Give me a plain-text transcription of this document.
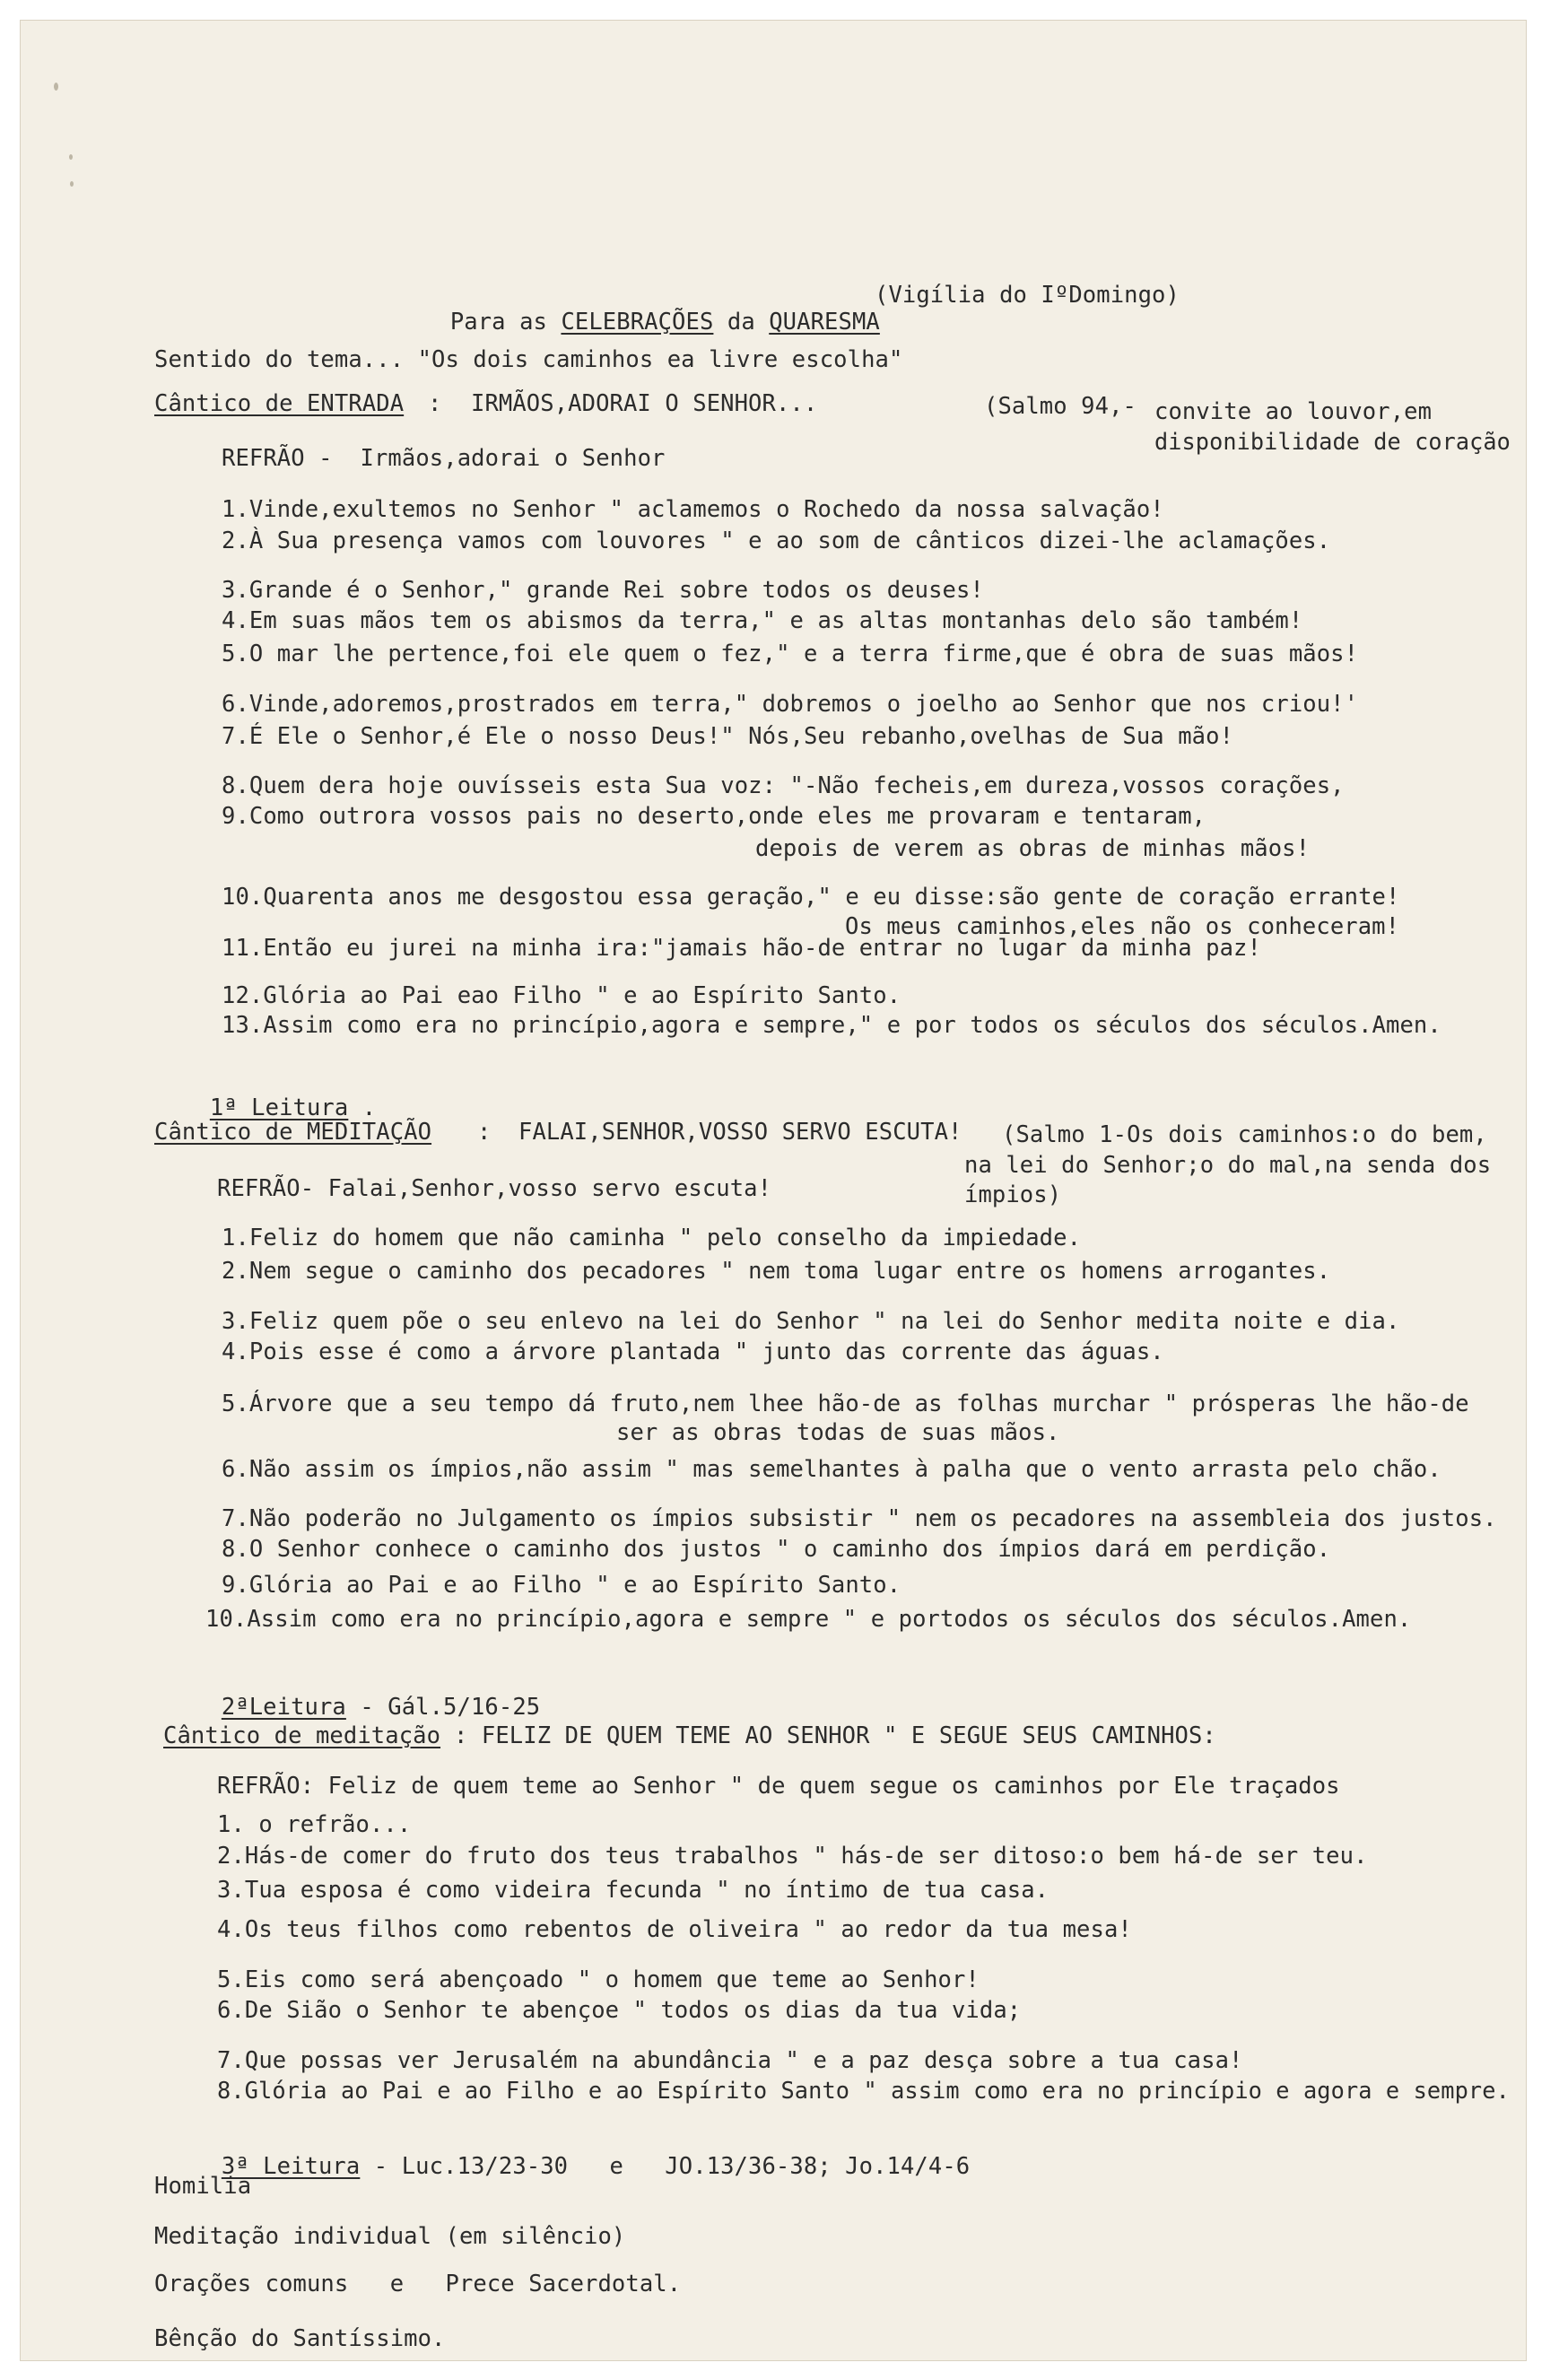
Para as CELEBRAÇÕES da QUARESMA

(Vigília do IºDomingo)
Sentido do tema... "Os dois caminhos ea livre escolha"
Cântico de ENTRADA : IRMÃOS,ADORAI O SENHOR...	(Salmo 94,- convite ao louvor,em
disponibilidade de coração
REFRÃO -  Irmãos,adorai o Senhor
1.Vinde,exultemos no Senhor " aclamemos o Rochedo da nossa salvação!
2.À Sua presença vamos com louvores " e ao som de cânticos dizei-lhe aclamações.
3.Grande é o Senhor," grande Rei sobre todos os deuses!
4.Em suas mãos tem os abismos da terra," e as altas montanhas delo são também!
5.O mar lhe pertence,foi ele quem o fez," e a terra firme,que é obra de suas mãos!
6.Vinde,adoremos,prostrados em terra," dobremos o joelho ao Senhor que nos criou!'
7.É Ele o Senhor,é Ele o nosso Deus!" Nós,Seu rebanho,ovelhas de Sua mão!
8.Quem dera hoje ouvísseis esta Sua voz: "-Não fecheis,em dureza,vossos corações,
9.Como outrora vossos pais no deserto,onde eles me provaram e tentaram,
depois de verem as obras de minhas mãos!
10.Quarenta anos me desgostou essa geração," e eu disse:são gente de coração errante!
Os meus caminhos,eles não os conheceram!
11.Então eu jurei na minha ira:"jamais hão-de entrar no lugar da minha paz!
12.Glória ao Pai eao Filho " e ao Espírito Santo.
13.Assim como era no princípio,agora e sempre," e por todos os séculos dos séculos.Amen.

1ª Leitura .

Cântico de MEDITAÇÃO : FALAI,SENHOR,VOSSO SERVO ESCUTA! (Salmo 1-Os dois caminhos:o do bem,
na lei do Senhor;o do mal,na senda dos
ímpios)
REFRÃO- Falai,Senhor,vosso servo escuta!
1.Feliz do homem que não caminha " pelo conselho da impiedade.
2.Nem segue o caminho dos pecadores " nem toma lugar entre os homens arrogantes.
3.Feliz quem põe o seu enlevo na lei do Senhor " na lei do Senhor medita noite e dia.
4.Pois esse é como a árvore plantada " junto das corrente das águas.
5.Árvore que a seu tempo dá fruto,nem lhee hão-de as folhas murchar " prósperas lhe hão-de
ser as obras todas de suas mãos.
6.Não assim os ímpios,não assim " mas semelhantes à palha que o vento arrasta pelo chão.
7.Não poderão no Julgamento os ímpios subsistir " nem os pecadores na assembleia dos justos.
8.O Senhor conhece o caminho dos justos " o caminho dos ímpios dará em perdição.
9.Glória ao Pai e ao Filho " e ao Espírito Santo.
10.Assim como era no princípio,agora e sempre " e portodos os séculos dos séculos.Amen.

2ªLeitura - Gál.5/16-25

Cântico de meditação : FELIZ DE QUEM TEME AO SENHOR " E SEGUE SEUS CAMINHOS:
REFRÃO: Feliz de quem teme ao Senhor " de quem segue os caminhos por Ele traçados
1. o refrão...
2.Hás-de comer do fruto dos teus trabalhos " hás-de ser ditoso:o bem há-de ser teu.
3.Tua esposa é como videira fecunda " no íntimo de tua casa.
4.Os teus filhos como rebentos de oliveira " ao redor da tua mesa!
5.Eis como será abençoado " o homem que teme ao Senhor!
6.De Sião o Senhor te abençoe " todos os dias da tua vida;
7.Que possas ver Jerusalém na abundância " e a paz desça sobre a tua casa!
8.Glória ao Pai e ao Filho e ao Espírito Santo " assim como era no princípio e agora e sempre.

3ª Leitura - Luc.13/23-30   e   JO.13/36-38; Jo.14/4-6

Homilia
Meditação individual (em silêncio)
Orações comuns   e   Prece Sacerdotal.
Bênção do Santíssimo.
